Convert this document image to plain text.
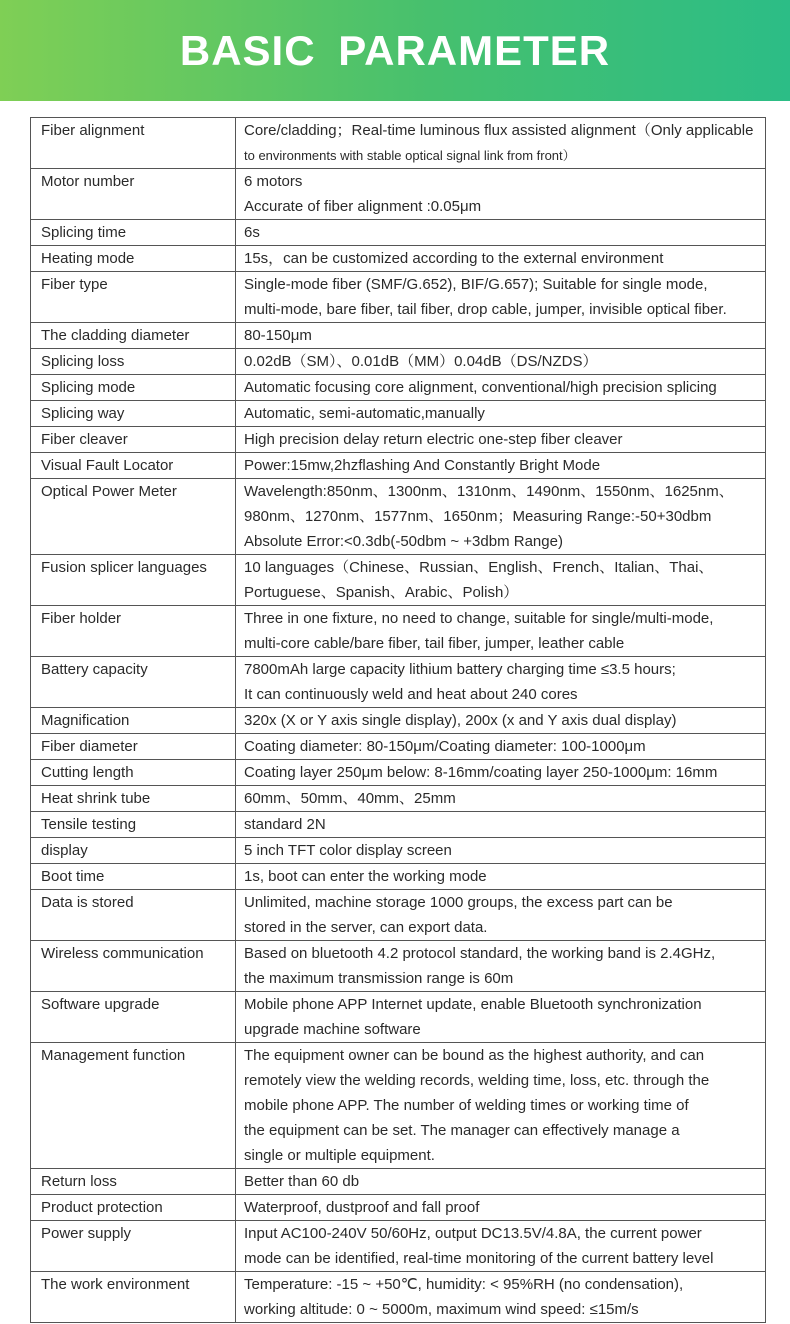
BASIC PARAMETER
Fiber alignment	Core/cladding；Real-time luminous flux assisted alignment（Only applicable
to environments with stable optical signal link from front）

Motor number	6 motors
Accurate of fiber alignment :0.05μm

Splicing time	6s

Heating mode	15s，can be customized according to the external environment

Fiber type	Single-mode fiber (SMF/G.652), BIF/G.657); Suitable for single mode,
multi-mode, bare fiber, tail fiber, drop cable, jumper, invisible optical fiber.

The cladding diameter	80-150μm

Splicing loss	0.02dB（SM）、0.01dB（MM）0.04dB（DS/NZDS）

Splicing mode	Automatic focusing core alignment, conventional/high precision splicing

Splicing way	Automatic, semi-automatic,manually

Fiber cleaver	High precision delay return electric one-step fiber cleaver

Visual Fault Locator	Power:15mw,2hzflashing And Constantly Bright Mode

Optical Power Meter	Wavelength:850nm、1300nm、1310nm、1490nm、1550nm、1625nm、
980nm、1270nm、1577nm、1650nm；Measuring Range:-50+30dbm
Absolute Error:<0.3db(-50dbm ~ +3dbm Range)

Fusion splicer languages	10 languages（Chinese、Russian、English、French、Italian、Thai、
Portuguese、Spanish、Arabic、Polish）

Fiber holder	Three in one fixture, no need to change, suitable for single/multi-mode,
multi-core cable/bare fiber, tail fiber, jumper, leather cable

Battery capacity	7800mAh large capacity lithium battery charging time ≤3.5 hours;
It can continuously weld and heat about 240 cores

Magnification	320x (X or Y axis single display), 200x (x and Y axis dual display)

Fiber diameter	Coating diameter: 80-150μm/Coating diameter: 100-1000μm

Cutting length	Coating layer 250μm below: 8-16mm/coating layer 250-1000μm: 16mm

Heat shrink tube	60mm、50mm、40mm、25mm

Tensile testing	standard 2N

display	5 inch TFT color display screen

Boot time	1s, boot can enter the working mode

Data is stored	Unlimited, machine storage 1000 groups, the excess part can be
stored in the server, can export data.

Wireless communication	Based on bluetooth 4.2 protocol standard, the working band is 2.4GHz,
the maximum transmission range is 60m

Software upgrade	Mobile phone APP Internet update, enable Bluetooth synchronization
upgrade machine software

Management function	The equipment owner can be bound as the highest authority, and can
remotely view the welding records, welding time, loss, etc. through the
mobile phone APP. The number of welding times or working time of
the equipment can be set. The manager can effectively manage a
single or multiple equipment.

Return loss	Better than 60 db

Product protection	Waterproof, dustproof and fall proof

Power supply	Input AC100-240V 50/60Hz, output DC13.5V/4.8A, the current power
mode can be identified, real-time monitoring of the current battery level

The work environment	Temperature: -15 ~ +50℃, humidity: < 95%RH (no condensation),
working altitude: 0 ~ 5000m, maximum wind speed: ≤15m/s
